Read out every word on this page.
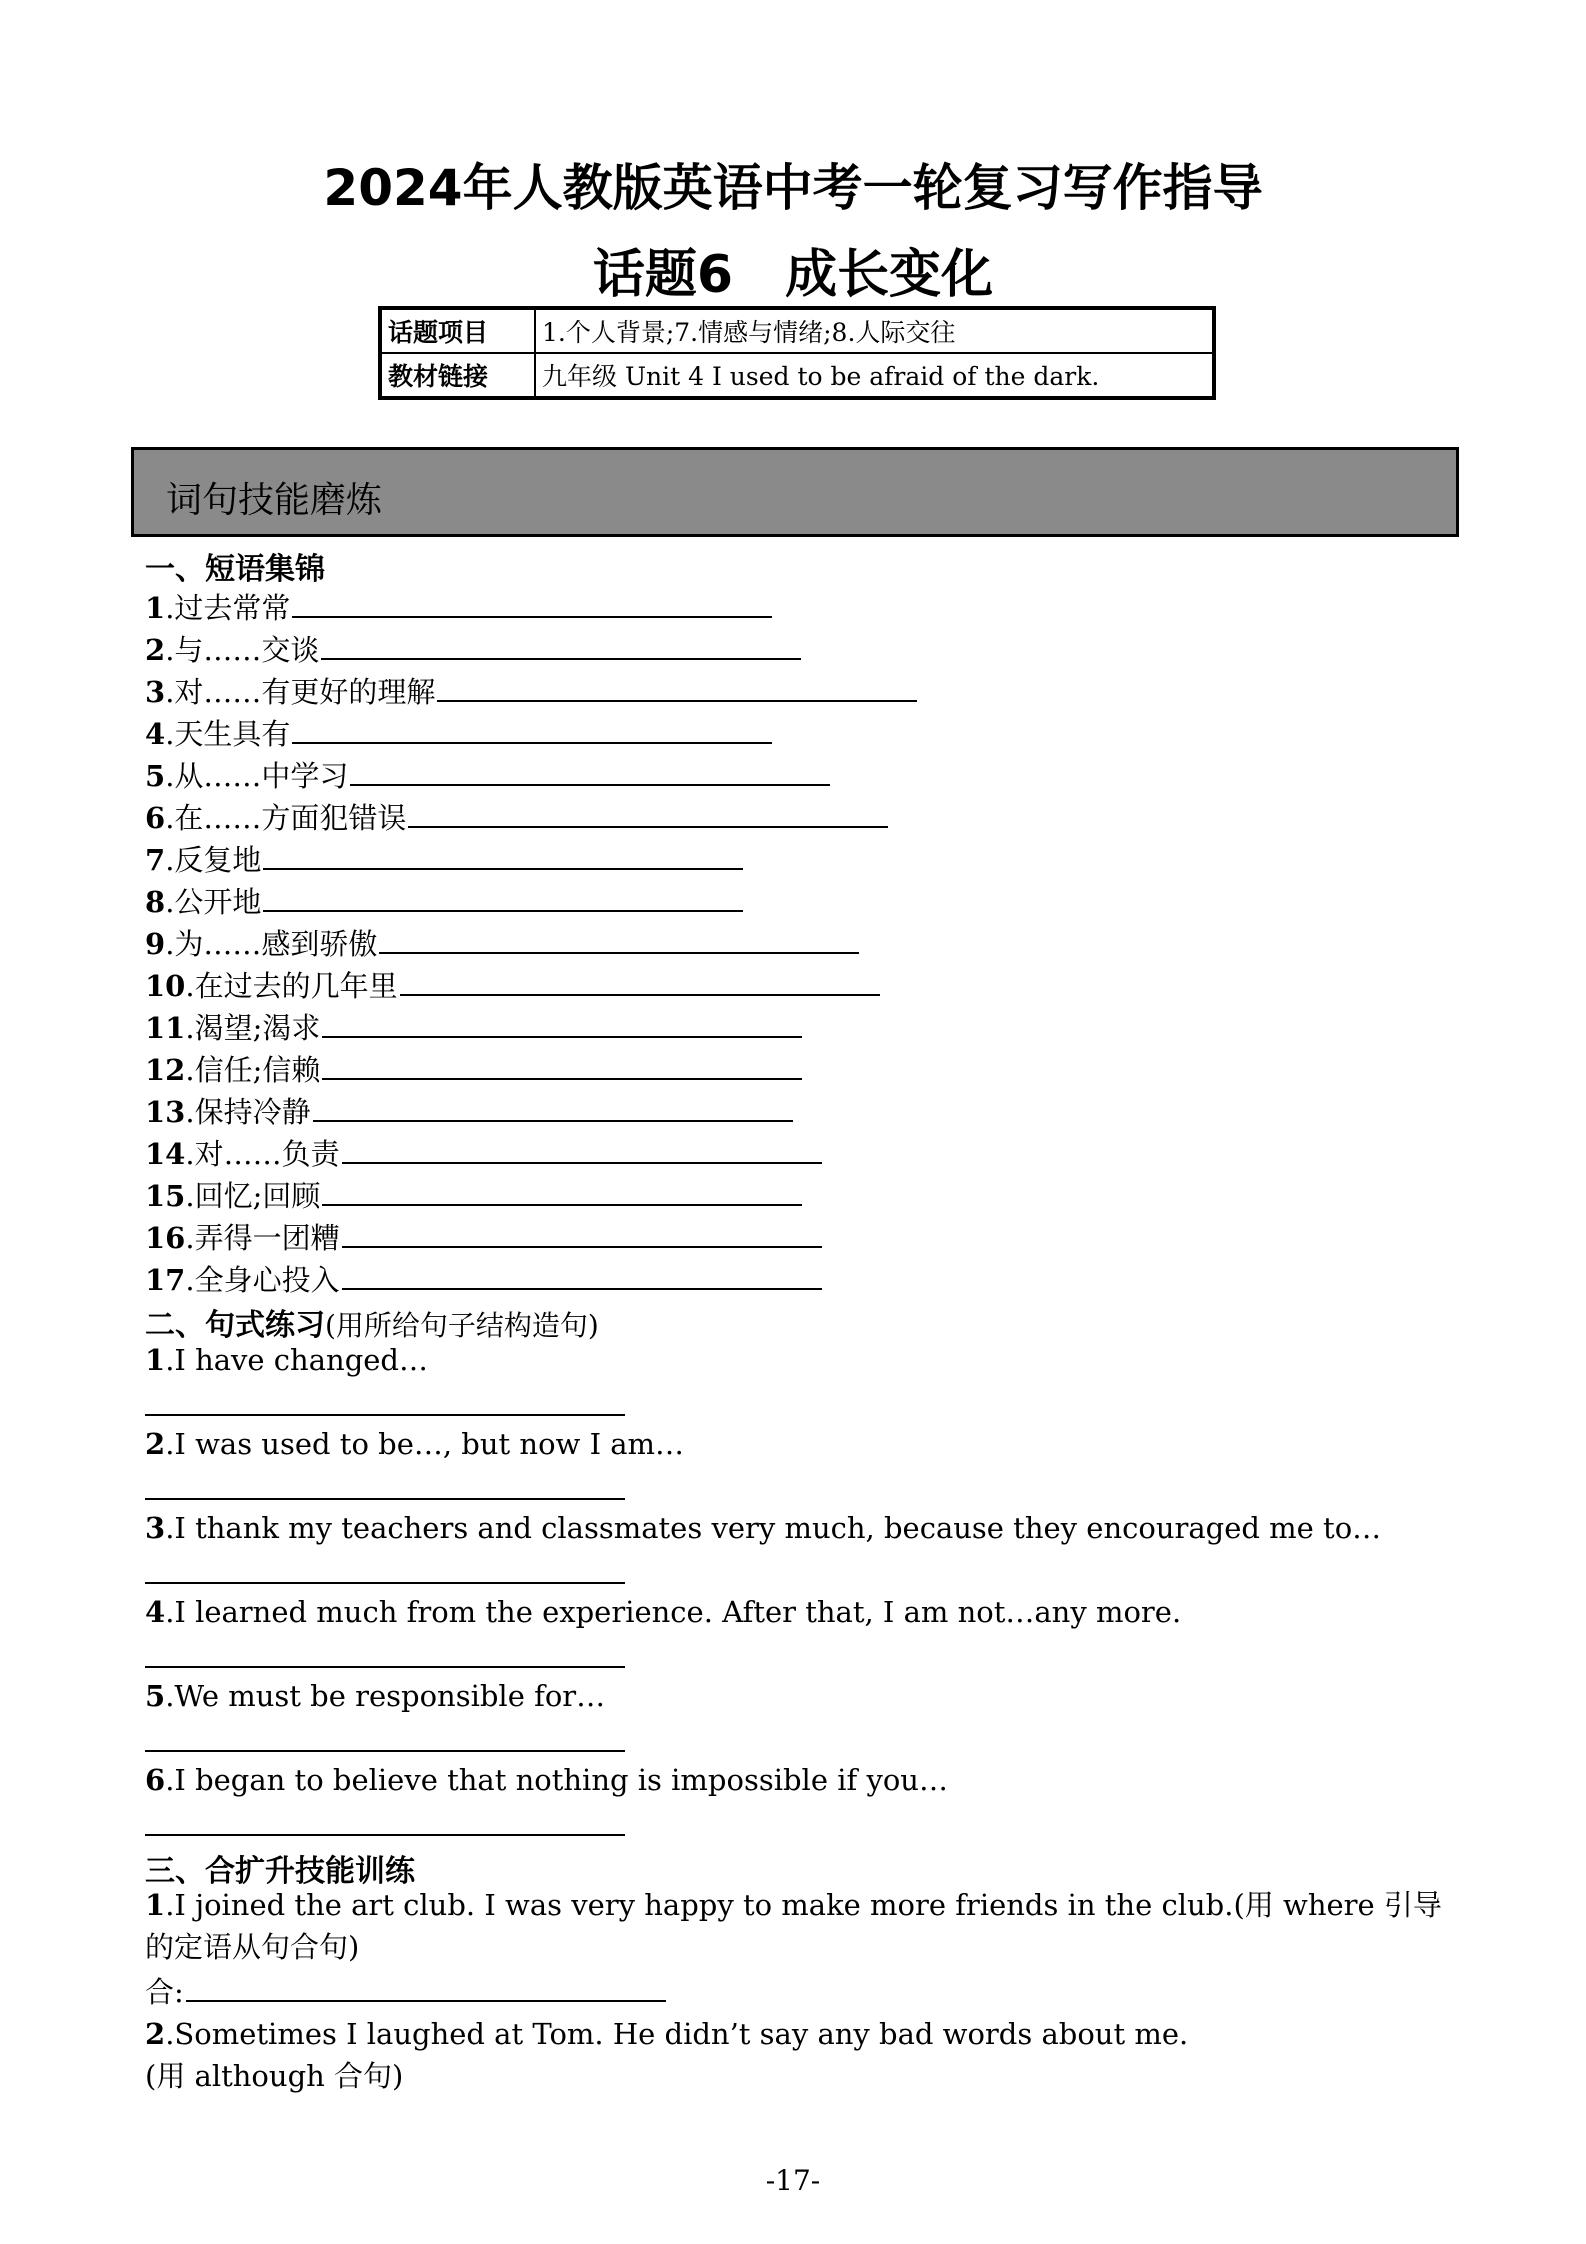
2024年人教版英语中考一轮复习写作指导
话题6　成长变化
话题项目	1.个人背景;7.情感与情绪;8.人际交往
教材链接	九年级 Unit 4 I used to be afraid of the dark.
词句技能磨炼
一、短语集锦
1.过去常常
2.与……交谈
3.对……有更好的理解
4.天生具有
5.从……中学习
6.在……方面犯错误
7.反复地
8.公开地
9.为……感到骄傲
10.在过去的几年里
11.渴望;渴求
12.信任;信赖
13.保持冷静
14.对……负责
15.回忆;回顾
16.弄得一团糟
17.全身心投入
二、句式练习(用所给句子结构造句)
1.I have changed…
2.I was used to be…, but now I am…
3.I thank my teachers and classmates very much, because they encouraged me to…
4.I learned much from the experience. After that, I am not…any more.
5.We must be responsible for…
6.I began to believe that nothing is impossible if you…
三、合扩升技能训练
1.I joined the art club. I was very happy to make more friends in the club.(用 where 引导的定语从句合句)
合:
2.Sometimes I laughed at Tom. He didn’t say any bad words about me.
(用 although 合句)
-17-
